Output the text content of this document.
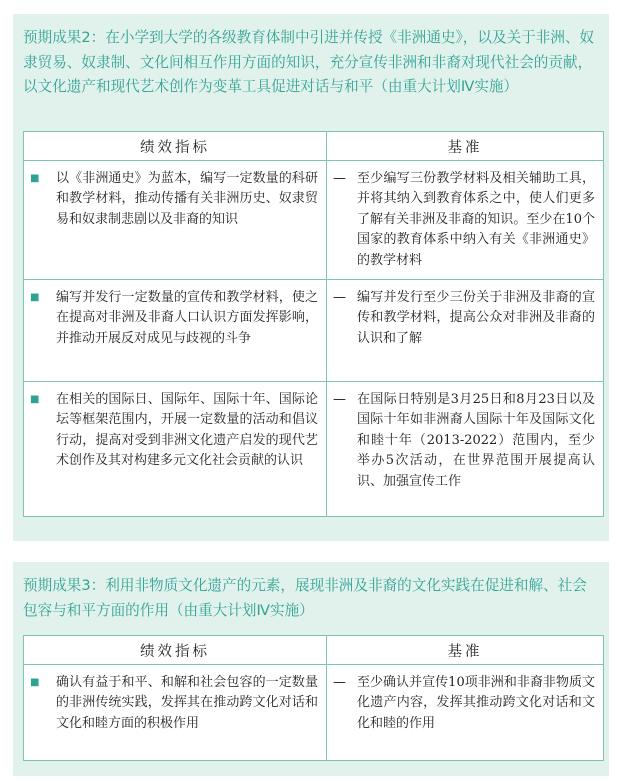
预期成果2：在小学到大学的各级教育体制中引进并传授《非洲通史》，以及关于非洲、奴隶贸易、奴隶制、文化间相互作用方面的知识，充分宣传非洲和非裔对现代社会的贡献，以文化遗产和现代艺术创作为变革工具促进对话与和平（由重大计划Ⅳ实施）

绩效指标	基准

■ 以《非洲通史》为蓝本，编写一定数量的科研和教学材料，推动传播有关非洲历史、奴隶贸易和奴隶制悲剧以及非裔的知识	— 至少编写三份教学材料及相关辅助工具，并将其纳入到教育体系之中，使人们更多了解有关非洲及非裔的知识。至少在10个国家的教育体系中纳入有关《非洲通史》的教学材料

■ 编写并发行一定数量的宣传和教学材料，使之在提高对非洲及非裔人口认识方面发挥影响，并推动开展反对成见与歧视的斗争	— 编写并发行至少三份关于非洲及非裔的宣传和教学材料，提高公众对非洲及非裔的认识和了解

■ 在相关的国际日、国际年、国际十年、国际论坛等框架范围内，开展一定数量的活动和倡议行动，提高对受到非洲文化遗产启发的现代艺术创作及其对构建多元文化社会贡献的认识	— 在国际日特别是3月25日和8月23日以及国际十年如非洲裔人国际十年及国际文化和睦十年（2013-2022）范围内，至少举办5次活动，在世界范围开展提高认识、加强宣传工作

预期成果3：利用非物质文化遗产的元素，展现非洲及非裔的文化实践在促进和解、社会包容与和平方面的作用（由重大计划Ⅳ实施）

绩效指标	基准

■ 确认有益于和平、和解和社会包容的一定数量的非洲传统实践，发挥其在推动跨文化对话和文化和睦方面的积极作用	— 至少确认并宣传10项非洲和非裔非物质文化遗产内容，发挥其推动跨文化对话和文化和睦的作用
